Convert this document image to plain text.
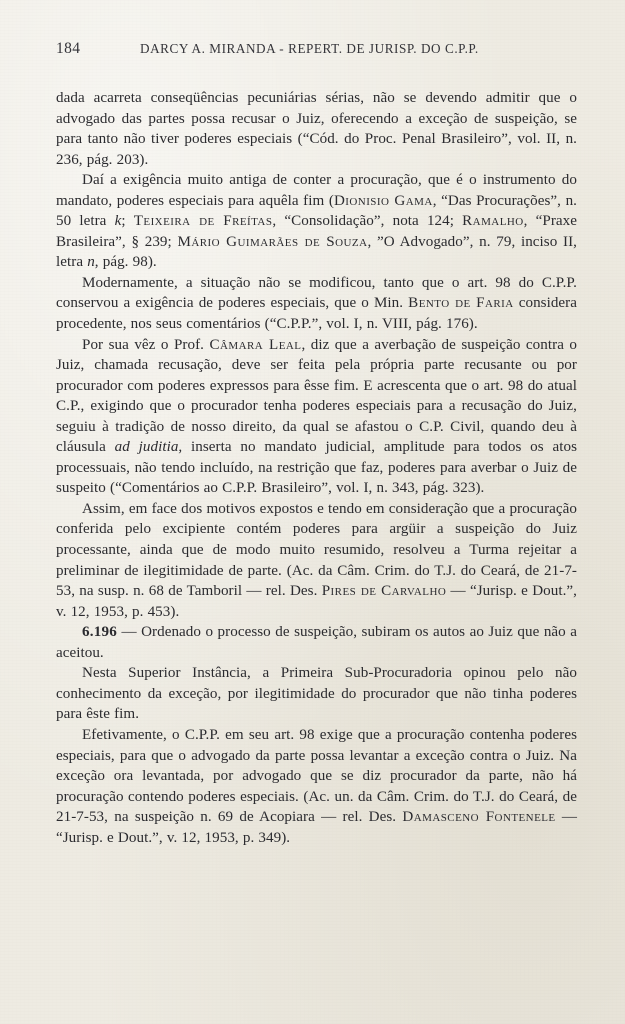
184	DARCY A. MIRANDA - REPERT. DE JURISP. DO C.P.P.

dada acarreta conseqüências pecuniárias sérias, não se devendo admitir que o advogado das partes possa recusar o Juiz, oferecendo a exceção de suspeição, se para tanto não tiver poderes especiais (“Cód. do Proc. Penal Brasileiro”, vol. II, n. 236, pág. 203).

Daí a exigência muito antiga de conter a procuração, que é o instrumento do mandato, poderes especiais para aquêla fim (Dionisio Gama, “Das Procurações”, n. 50 letra k; Teixeira de Freítas, “Consolidação”, nota 124; Ramalho, “Praxe Brasileira”, § 239; Mário Guimarães de Souza, ”O Advogado”, n. 79, inciso II, letra n, pág. 98).

Modernamente, a situação não se modificou, tanto que o art. 98 do C.P.P. conservou a exigência de poderes especiais, que o Min. Bento de Faria considera procedente, nos seus comentários (“C.P.P.”, vol. I, n. VIII, pág. 176).

Por sua vêz o Prof. Câmara Leal, diz que a averbação de suspeição contra o Juiz, chamada recusação, deve ser feita pela própria parte recusante ou por procurador com poderes expressos para êsse fim. E acrescenta que o art. 98 do atual C.P., exigindo que o procurador tenha poderes especiais para a recusação do Juiz, seguiu à tradição de nosso direito, da qual se afastou o C.P. Civil, quando deu à cláusula ad juditia, inserta no mandato judicial, amplitude para todos os atos processuais, não tendo incluído, na restrição que faz, poderes para averbar o Juiz de suspeito (“Comentários ao C.P.P. Brasileiro”, vol. I, n. 343, pág. 323).

Assim, em face dos motivos expostos e tendo em consideração que a procuração conferida pelo excipiente contém poderes para argüir a suspeição do Juiz processante, ainda que de modo muito resumido, resolveu a Turma rejeitar a preliminar de ilegitimidade de parte. (Ac. da Câm. Crim. do T.J. do Ceará, de 21-7-53, na susp. n. 68 de Tamboril — rel. Des. Pires de Carvalho — “Jurisp. e Dout.”, v. 12, 1953, p. 453).

6.196 — Ordenado o processo de suspeição, subiram os autos ao Juiz que não a aceitou.

Nesta Superior Instância, a Primeira Sub-Procuradoria opinou pelo não conhecimento da exceção, por ilegitimidade do procurador que não tinha poderes para êste fim.

Efetivamente, o C.P.P. em seu art. 98 exige que a procuração contenha poderes especiais, para que o advogado da parte possa levantar a exceção contra o Juiz. Na exceção ora levantada, por advogado que se diz procurador da parte, não há procuração contendo poderes especiais. (Ac. un. da Câm. Crim. do T.J. do Ceará, de 21-7-53, na suspeição n. 69 de Acopiara — rel. Des. Damasceno Fontenele — “Jurisp. e Dout.”, v. 12, 1953, p. 349).
